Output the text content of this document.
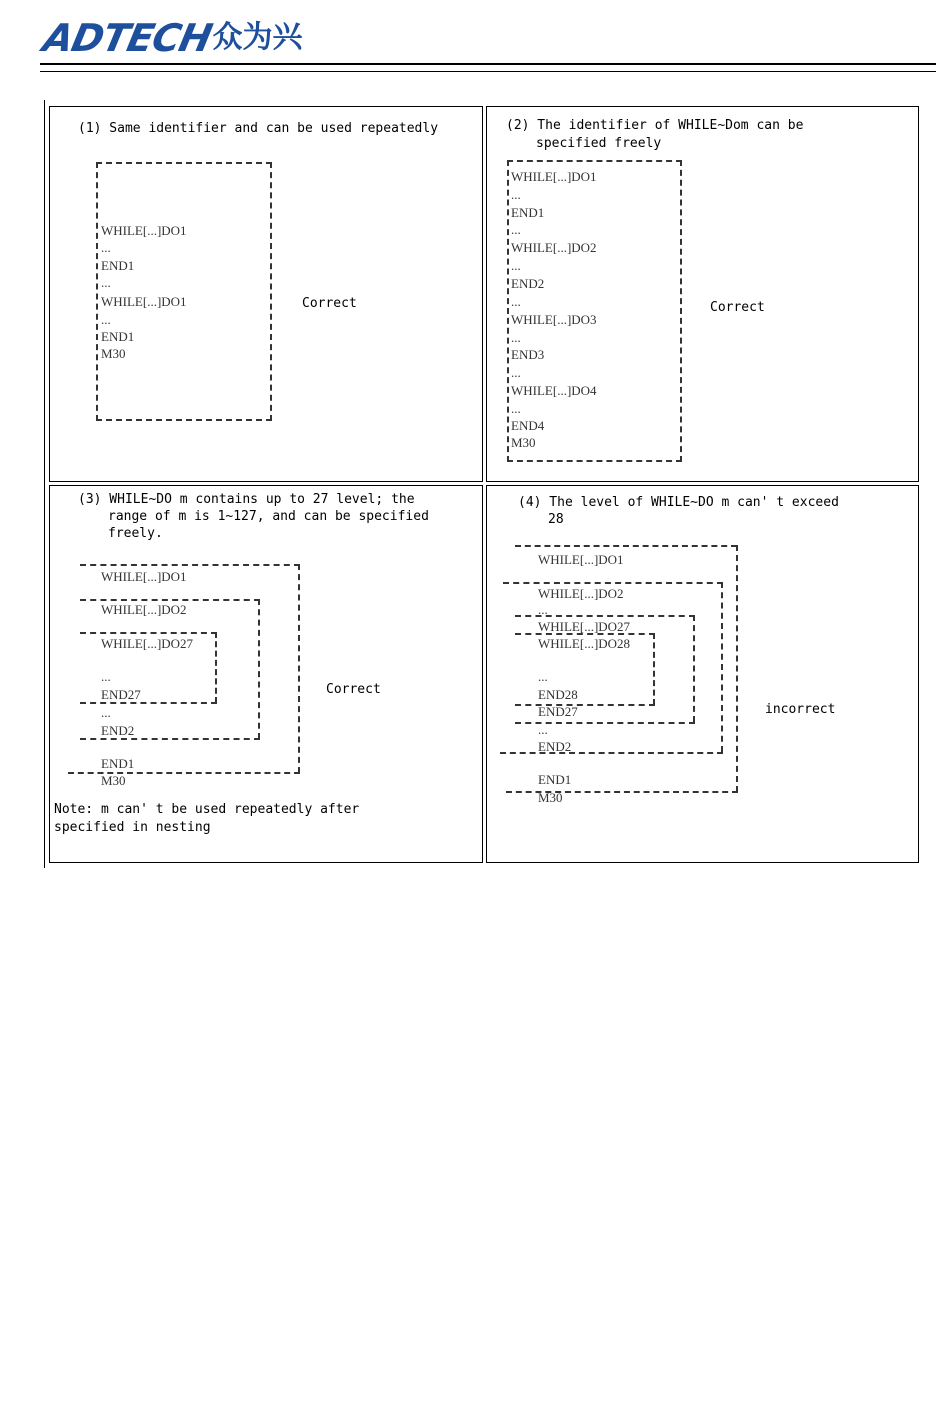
ADTECH
众为兴
(1) Same identifier and can be used repeatedly
WHILE[...]DO1
...
END1
...
WHILE[...]DO1
...
END1
M30
Correct
(2) The identifier of WHILE~Dom can be
specified freely
WHILE[...]DO1
...
END1
...
WHILE[...]DO2
...
END2
...
WHILE[...]DO3
...
END3
...
WHILE[...]DO4
...
END4
M30
Correct
(3) WHILE~DO m contains up to 27 level; the
range of m is 1~127, and can be specified
freely.
WHILE[...]DO1
WHILE[...]DO2
WHILE[...]DO27
...
END27
...
END2
END1
M30
Correct
Note: m can' t be used repeatedly after
specified in nesting
(4) The level of WHILE~DO m can' t exceed
28
WHILE[...]DO1
WHILE[...]DO2
...
WHILE[...]DO27
WHILE[...]DO28
...
END28
END27
...
END2
END1
M30
incorrect
